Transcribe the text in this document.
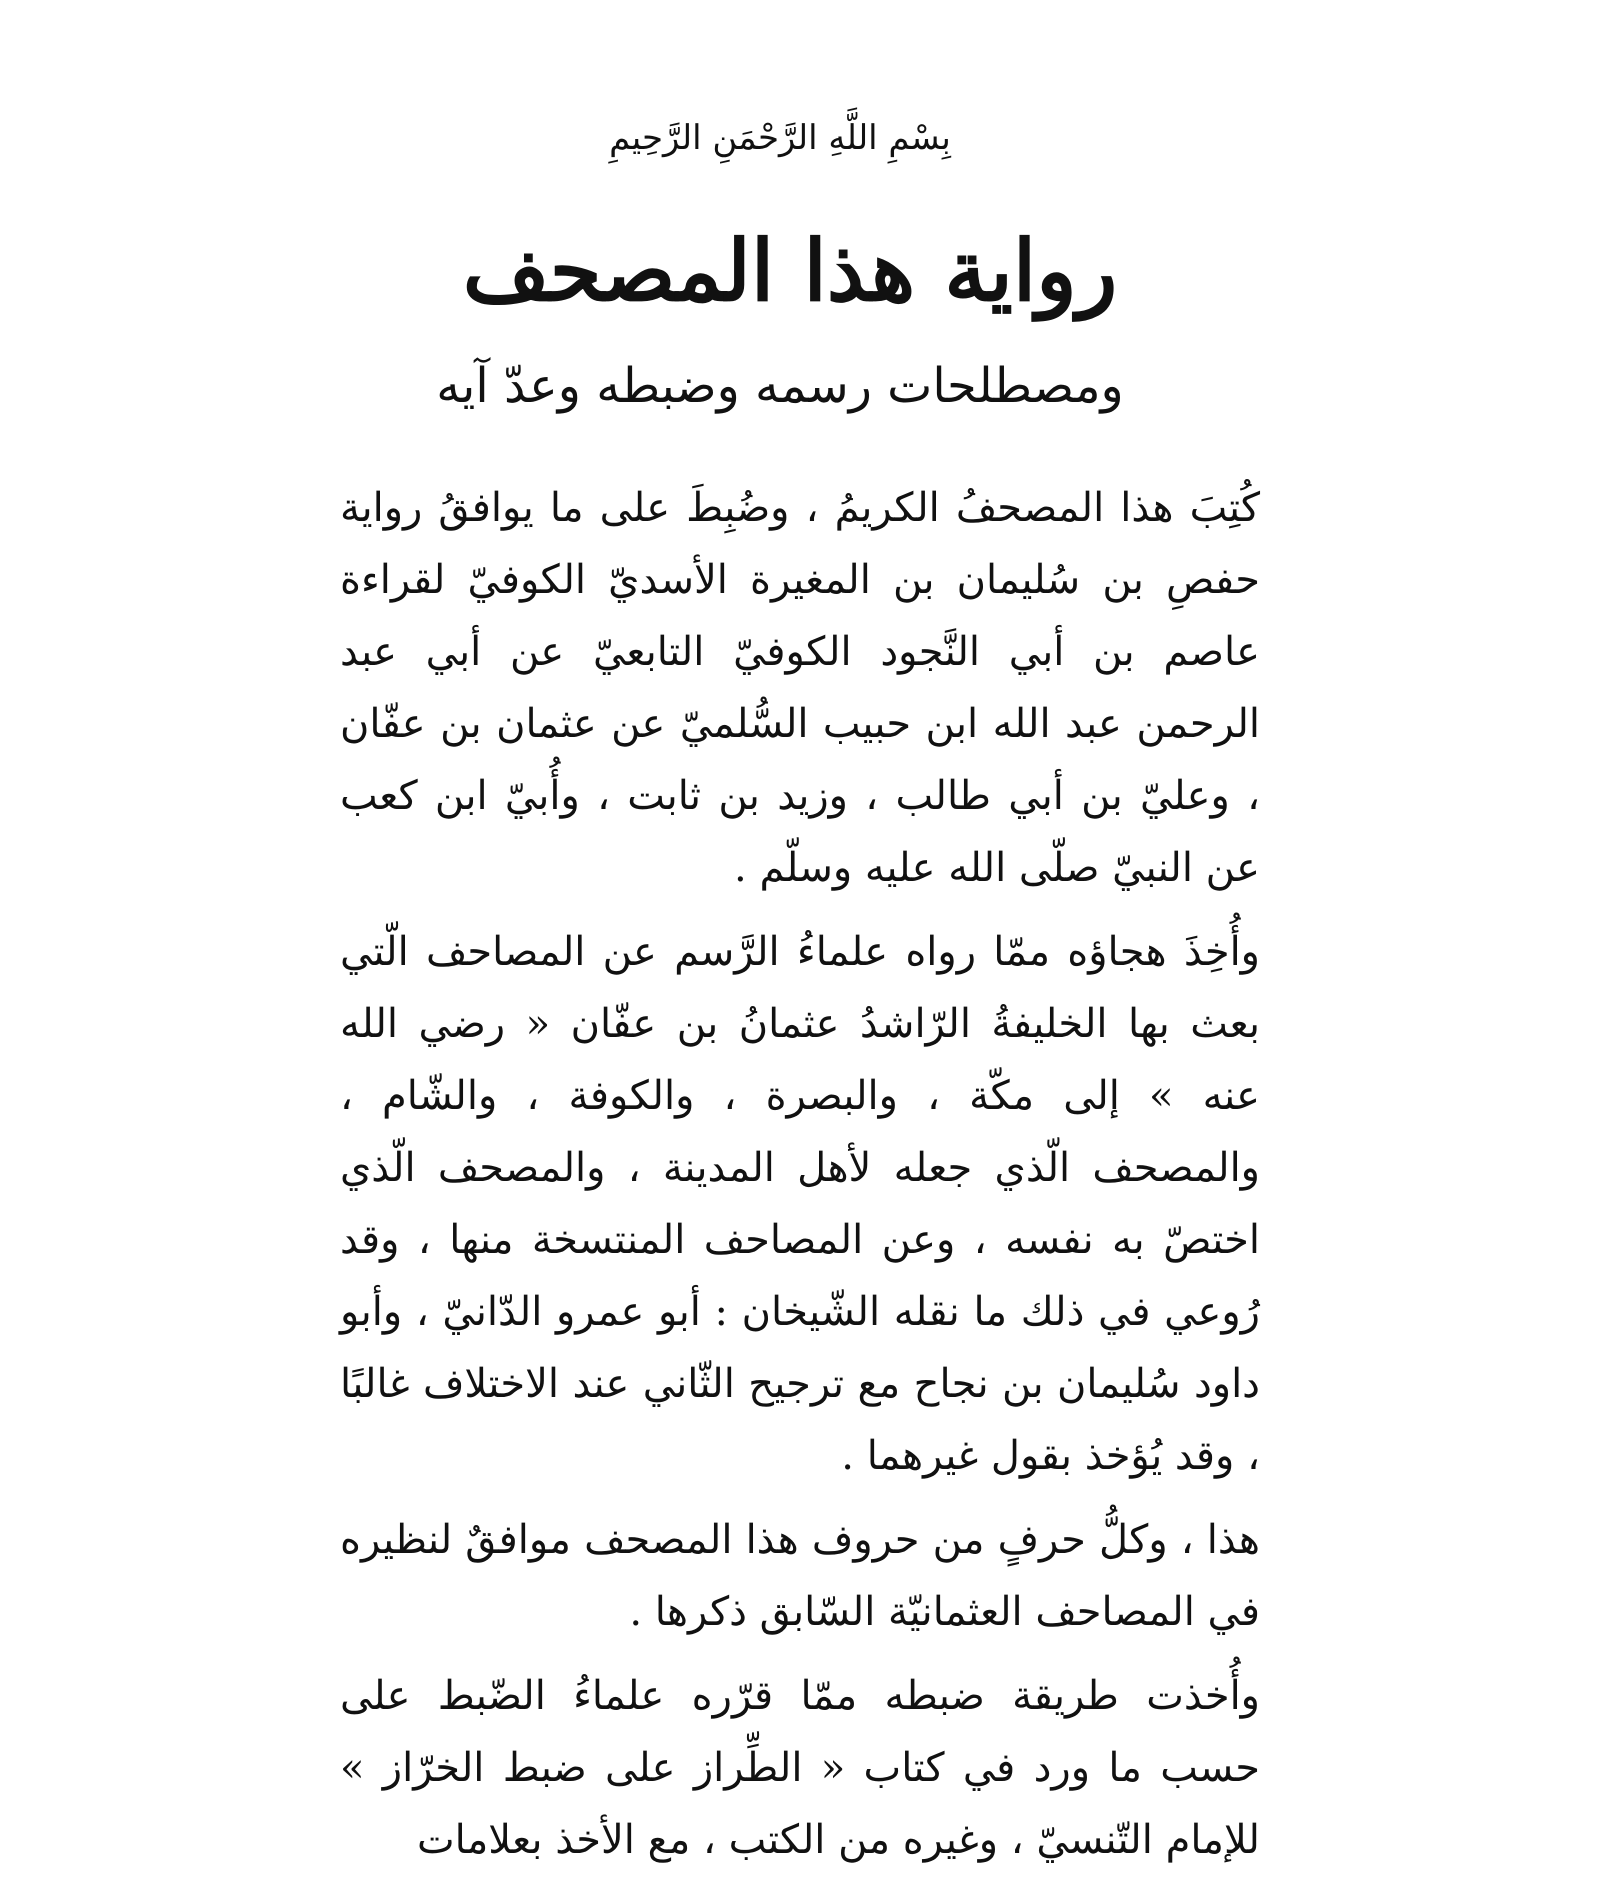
بِسْمِ اللَّهِ الرَّحْمَنِ الرَّحِيمِ
رواية هذا المصحف
ومصطلحات رسمه وضبطه وعدّ آيه

كُتِبَ هذا المصحفُ الكريمُ ، وضُبِطَ على ما يوافقُ رواية حفصِ بن سُليمان بن المغيرة الأسديّ الكوفيّ لقراءة عاصم بن أبي النَّجود الكوفيّ التابعيّ عن أبي عبد الرحمن عبد الله ابن حبيب السُّلميّ عن عثمان بن عفّان ، وعليّ بن أبي طالب ، وزيد بن ثابت ، وأُبيّ ابن كعب عن النبيّ صلّى الله عليه وسلّم .

وأُخِذَ هجاؤه ممّا رواه علماءُ الرَّسم عن المصاحف الّتي بعث بها الخليفةُ الرّاشدُ عثمانُ بن عفّان « رضي الله عنه » إلى مكّة ، والبصرة ، والكوفة ، والشّام ، والمصحف الّذي جعله لأهل المدينة ، والمصحف الّذي اختصّ به نفسه ، وعن المصاحف المنتسخة منها ، وقد رُوعي في ذلك ما نقله الشّيخان : أبو عمرو الدّانيّ ، وأبو داود سُليمان بن نجاح مع ترجيح الثّاني عند الاختلاف غالبًا ، وقد يُؤخذ بقول غيرهما .

هذا ، وكلُّ حرفٍ من حروف هذا المصحف موافقٌ لنظيره في المصاحف العثمانيّة السّابق ذكرها .

وأُخذت طريقة ضبطه ممّا قرّره علماءُ الضّبط على حسب ما ورد في كتاب « الطِّراز على ضبط الخرّاز » للإمام التّنسيّ ، وغيره من الكتب ، مع الأخذ بعلامات
